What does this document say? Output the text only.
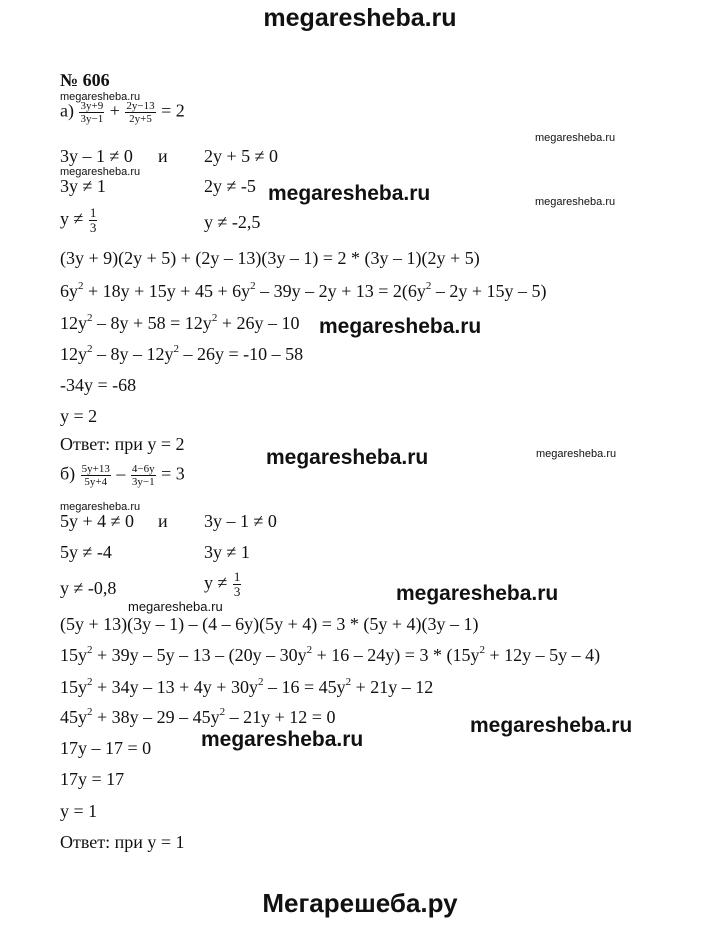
megaresheba.ru
№ 606
megaresheba.ru
megaresheba.ru
megaresheba.ru
megaresheba.ru
megaresheba.ru
megaresheba.ru
megaresheba.ru
megaresheba.ru
megaresheba.ru
megaresheba.ru
megaresheba.ru
megaresheba.ru
megaresheba.ru
$а) \frac{3y+9}{3y-1} + \frac{2y-13}{2y+5} = 2$
3y – 1 ≠ 0 и 2y + 5 ≠ 0
3y ≠ 1	2y ≠ -5
$y \ne \frac{1}{3}$	y ≠ -2,5
(3y + 9)(2y + 5) + (2y – 13)(3y – 1) = 2 * (3y – 1)(2y + 5)
$6y^2 + 18y + 15y + 45 + 6y^2 - 39y - 2y + 13 = 2(6y^2 - 2y + 15y - 5)$
$12y^2 - 8y + 58 = 12y^2 + 26y - 10$
$12y^2 - 8y - 12y^2 - 26y = -10 - 58$
-34y = -68
y = 2
Ответ: при y = 2
$б) \frac{5y+13}{5y+4} - \frac{4-6y}{3y-1} = 3$
5y + 4 ≠ 0 и 3y – 1 ≠ 0
5y ≠ -4	3y ≠ 1
y ≠ -0,8	$y \ne \frac{1}{3}$
(5y + 13)(3y – 1) – (4 – 6y)(5y + 4) = 3 * (5y + 4)(3y – 1)
$15y^2 + 39y - 5y - 13 - (20y - 30y^2 + 16 - 24y) = 3 * (15y^2 + 12y - 5y - 4)$
$15y^2 + 34y - 13 + 4y + 30y^2 - 16 = 45y^2 + 21y - 12$
$45y^2 + 38y - 29 - 45y^2 - 21y + 12 = 0$
17y – 17 = 0
17y = 17
y = 1
Ответ: при y = 1
Мегарешеба.ру
